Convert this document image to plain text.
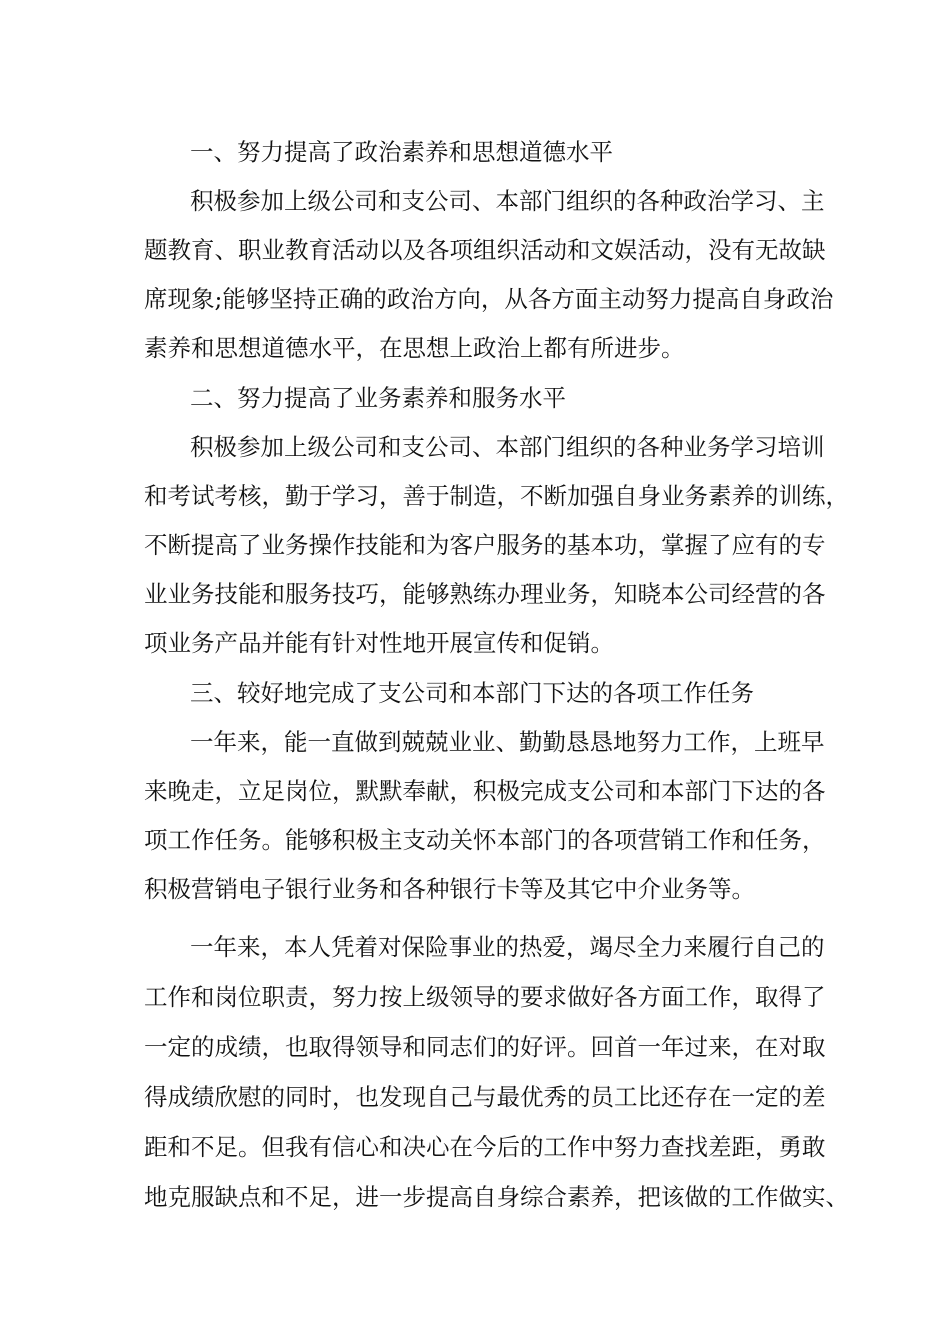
一、努力提高了政治素养和思想道德水平
积极参加上级公司和支公司、本部门组织的各种政治学习、主
题教育、职业教育活动以及各项组织活动和文娱活动，没有无故缺
席现象;能够坚持正确的政治方向，从各方面主动努力提高自身政治
素养和思想道德水平，在思想上政治上都有所进步。
二、努力提高了业务素养和服务水平
积极参加上级公司和支公司、本部门组织的各种业务学习培训
和考试考核，勤于学习，善于制造，不断加强自身业务素养的训练，
不断提高了业务操作技能和为客户服务的基本功，掌握了应有的专
业业务技能和服务技巧，能够熟练办理业务，知晓本公司经营的各
项业务产品并能有针对性地开展宣传和促销。
三、较好地完成了支公司和本部门下达的各项工作任务
一年来，能一直做到兢兢业业、勤勤恳恳地努力工作，上班早
来晚走，立足岗位，默默奉献，积极完成支公司和本部门下达的各
项工作任务。能够积极主支动关怀本部门的各项营销工作和任务，
积极营销电子银行业务和各种银行卡等及其它中介业务等。
一年来，本人凭着对保险事业的热爱，竭尽全力来履行自己的
工作和岗位职责，努力按上级领导的要求做好各方面工作，取得了
一定的成绩，也取得领导和同志们的好评。回首一年过来，在对取
得成绩欣慰的同时，也发现自己与最优秀的员工比还存在一定的差
距和不足。但我有信心和决心在今后的工作中努力查找差距，勇敢
地克服缺点和不足，进一步提高自身综合素养，把该做的工作做实、
